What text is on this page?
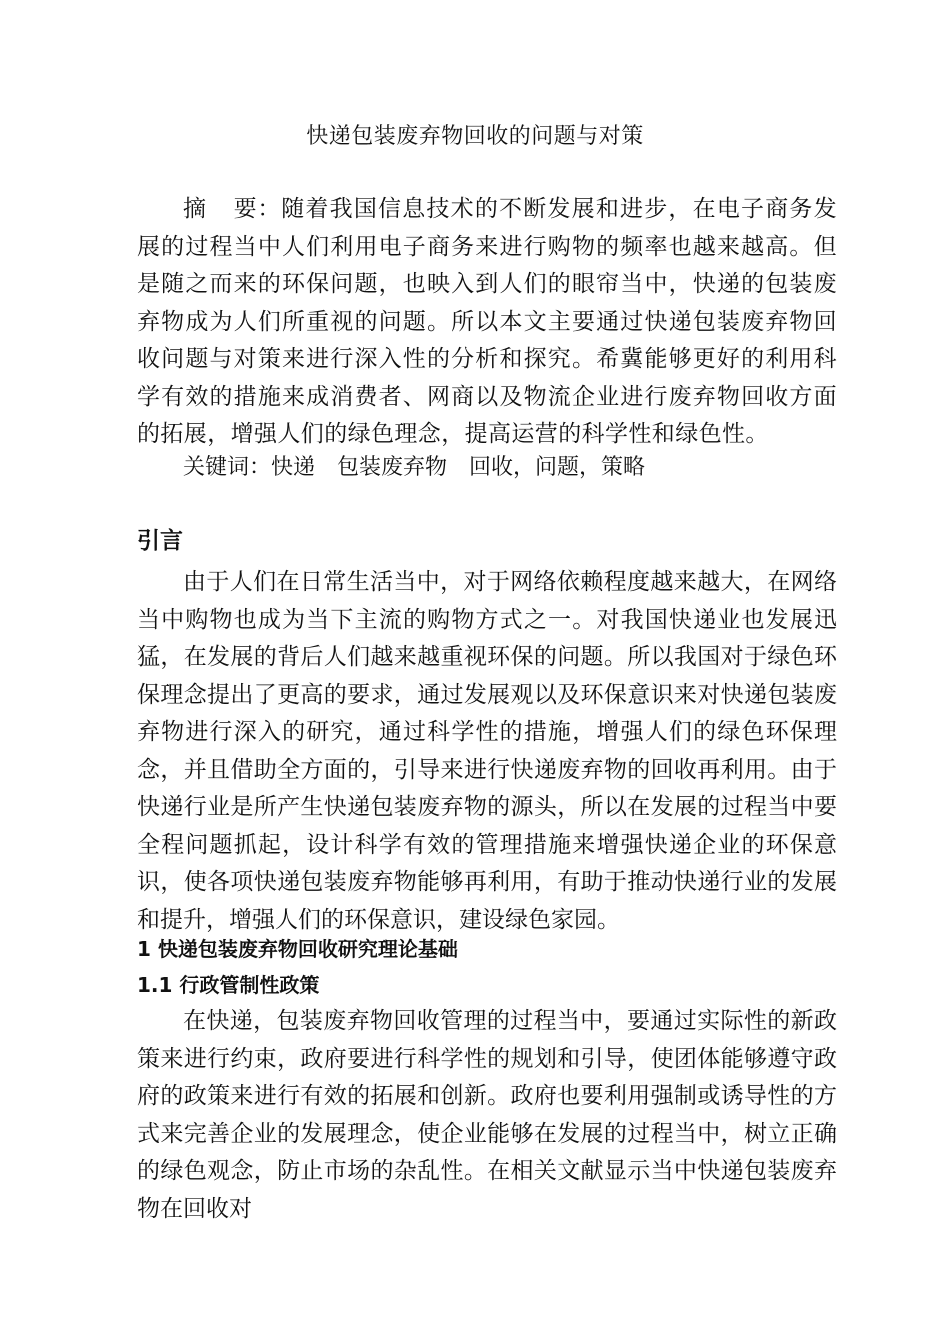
快递包装废弃物回收的问题与对策

摘 要：随着我国信息技术的不断发展和进步，在电子商务发展的过程当中人们利用电子商务来进行购物的频率也越来越高。但是随之而来的环保问题，也映入到人们的眼帘当中，快递的包装废弃物成为人们所重视的问题。所以本文主要通过快递包装废弃物回收问题与对策来进行深入性的分析和探究。希冀能够更好的利用科学有效的措施来成消费者、网商以及物流企业进行废弃物回收方面的拓展，增强人们的绿色理念，提高运营的科学性和绿色性。

关键词：快递 包装废弃物 回收，问题，策略

引言

由于人们在日常生活当中，对于网络依赖程度越来越大，在网络当中购物也成为当下主流的购物方式之一。对我国快递业也发展迅猛，在发展的背后人们越来越重视环保的问题。所以我国对于绿色环保理念提出了更高的要求，通过发展观以及环保意识来对快递包装废弃物进行深入的研究，通过科学性的措施，增强人们的绿色环保理念，并且借助全方面的，引导来进行快递废弃物的回收再利用。由于快递行业是所产生快递包装废弃物的源头，所以在发展的过程当中要全程问题抓起，设计科学有效的管理措施来增强快递企业的环保意识，使各项快递包装废弃物能够再利用，有助于推动快递行业的发展和提升，增强人们的环保意识，建设绿色家园。

1 快递包装废弃物回收研究理论基础
1.1 行政管制性政策

在快递，包装废弃物回收管理的过程当中，要通过实际性的新政策来进行约束，政府要进行科学性的规划和引导，使团体能够遵守政府的政策来进行有效的拓展和创新。政府也要利用强制或诱导性的方式来完善企业的发展理念，使企业能够在发展的过程当中，树立正确的绿色观念，防止市场的杂乱性。在相关文献显示当中快递包装废弃物在回收对
